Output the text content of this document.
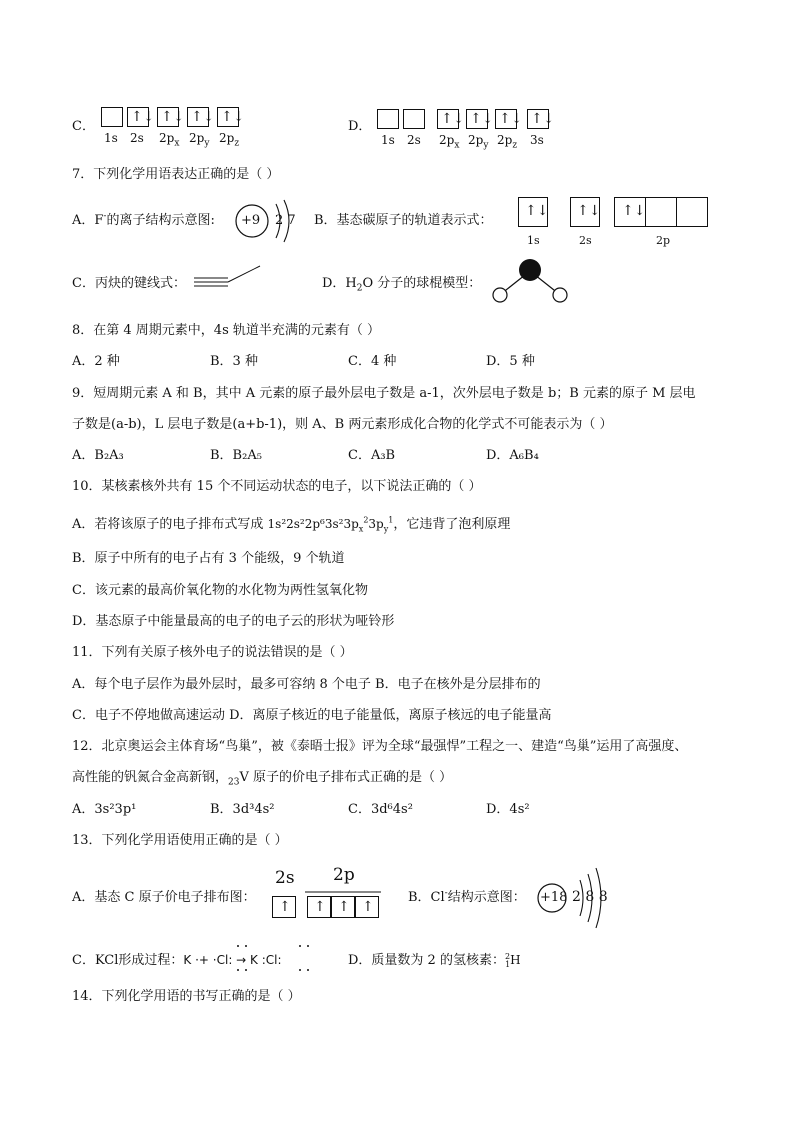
C．
↑↓ ↑↓ ↑↓ ↑↓
1s 2s $2p_x$ $2p_y$ $2p_z$
D．	↑↓ ↑↓ ↑↓ ↑↓
1s 2s $2p_x$ $2p_y$ $2p_z$ 3s
7．下列化学用语表达正确的是（ ）
A．F-的离子结构示意图: +9 2 7 B．基态碳原子的轨道表示式：
↑↓ ↑↓ ↑↓
1s	2s	2p
C．丙炔的键线式：	D．$H_2O$ 分子的球棍模型：
8．在第 4 周期元素中，4s 轨道半充满的元素有（ ）
A．2 种	B．3 种	C．4 种	D．5 种
9．短周期元素 A 和 B，其中 A 元素的原子最外层电子数是 a-1，次外层电子数是 b；B 元素的原子 M 层电
子数是(a-b)，L 层电子数是(a+b-1)，则 A、B 两元素形成化合物的化学式不可能表示为（ ）
A．B₂A₃	B．B₂A₅	C．A₃B	D．A₆B₄
10．某核素核外共有 15 个不同运动状态的电子，以下说法正确的（ ）
A．若将该原子的电子排布式写成 $1s^22s^22p^63s^23p_x^23p_y^1$，它违背了泡利原理
B．原子中所有的电子占有 3 个能级，9 个轨道
C．该元素的最高价氧化物的水化物为两性氢氧化物
D．基态原子中能量最高的电子的电子云的形状为哑铃形
11．下列有关原子核外电子的说法错误的是（ ）
A．每个电子层作为最外层时，最多可容纳 8 个电子 B．电子在核外是分层排布的
C．电子不停地做高速运动 D．离原子核近的电子能量低，离原子核远的电子能量高
12．北京奥运会主体育场“鸟巢”，被《泰晤士报》评为全球“最强悍”工程之一、建造“鸟巢”运用了高强度、
高性能的钒氮合金高新钢，$_{23}$V 原子的价电子排布式正确的是（ ）
A．3s²3p¹	B．3d³4s²	C．3d⁶4s²	D．4s²
13．下列化学用语使用正确的是（ ）
A．基态 C 原子价电子排布图：
2s 2p
↑ ↑ ↑ ↑
B．Cl-结构示意图： +18 2 8 8
C．KCl形成过程：K ·+ ·Cl: → K :Cl:	D．质量数为 2 的氢核素：$^2_1$H
14．下列化学用语的书写正确的是（ ）
